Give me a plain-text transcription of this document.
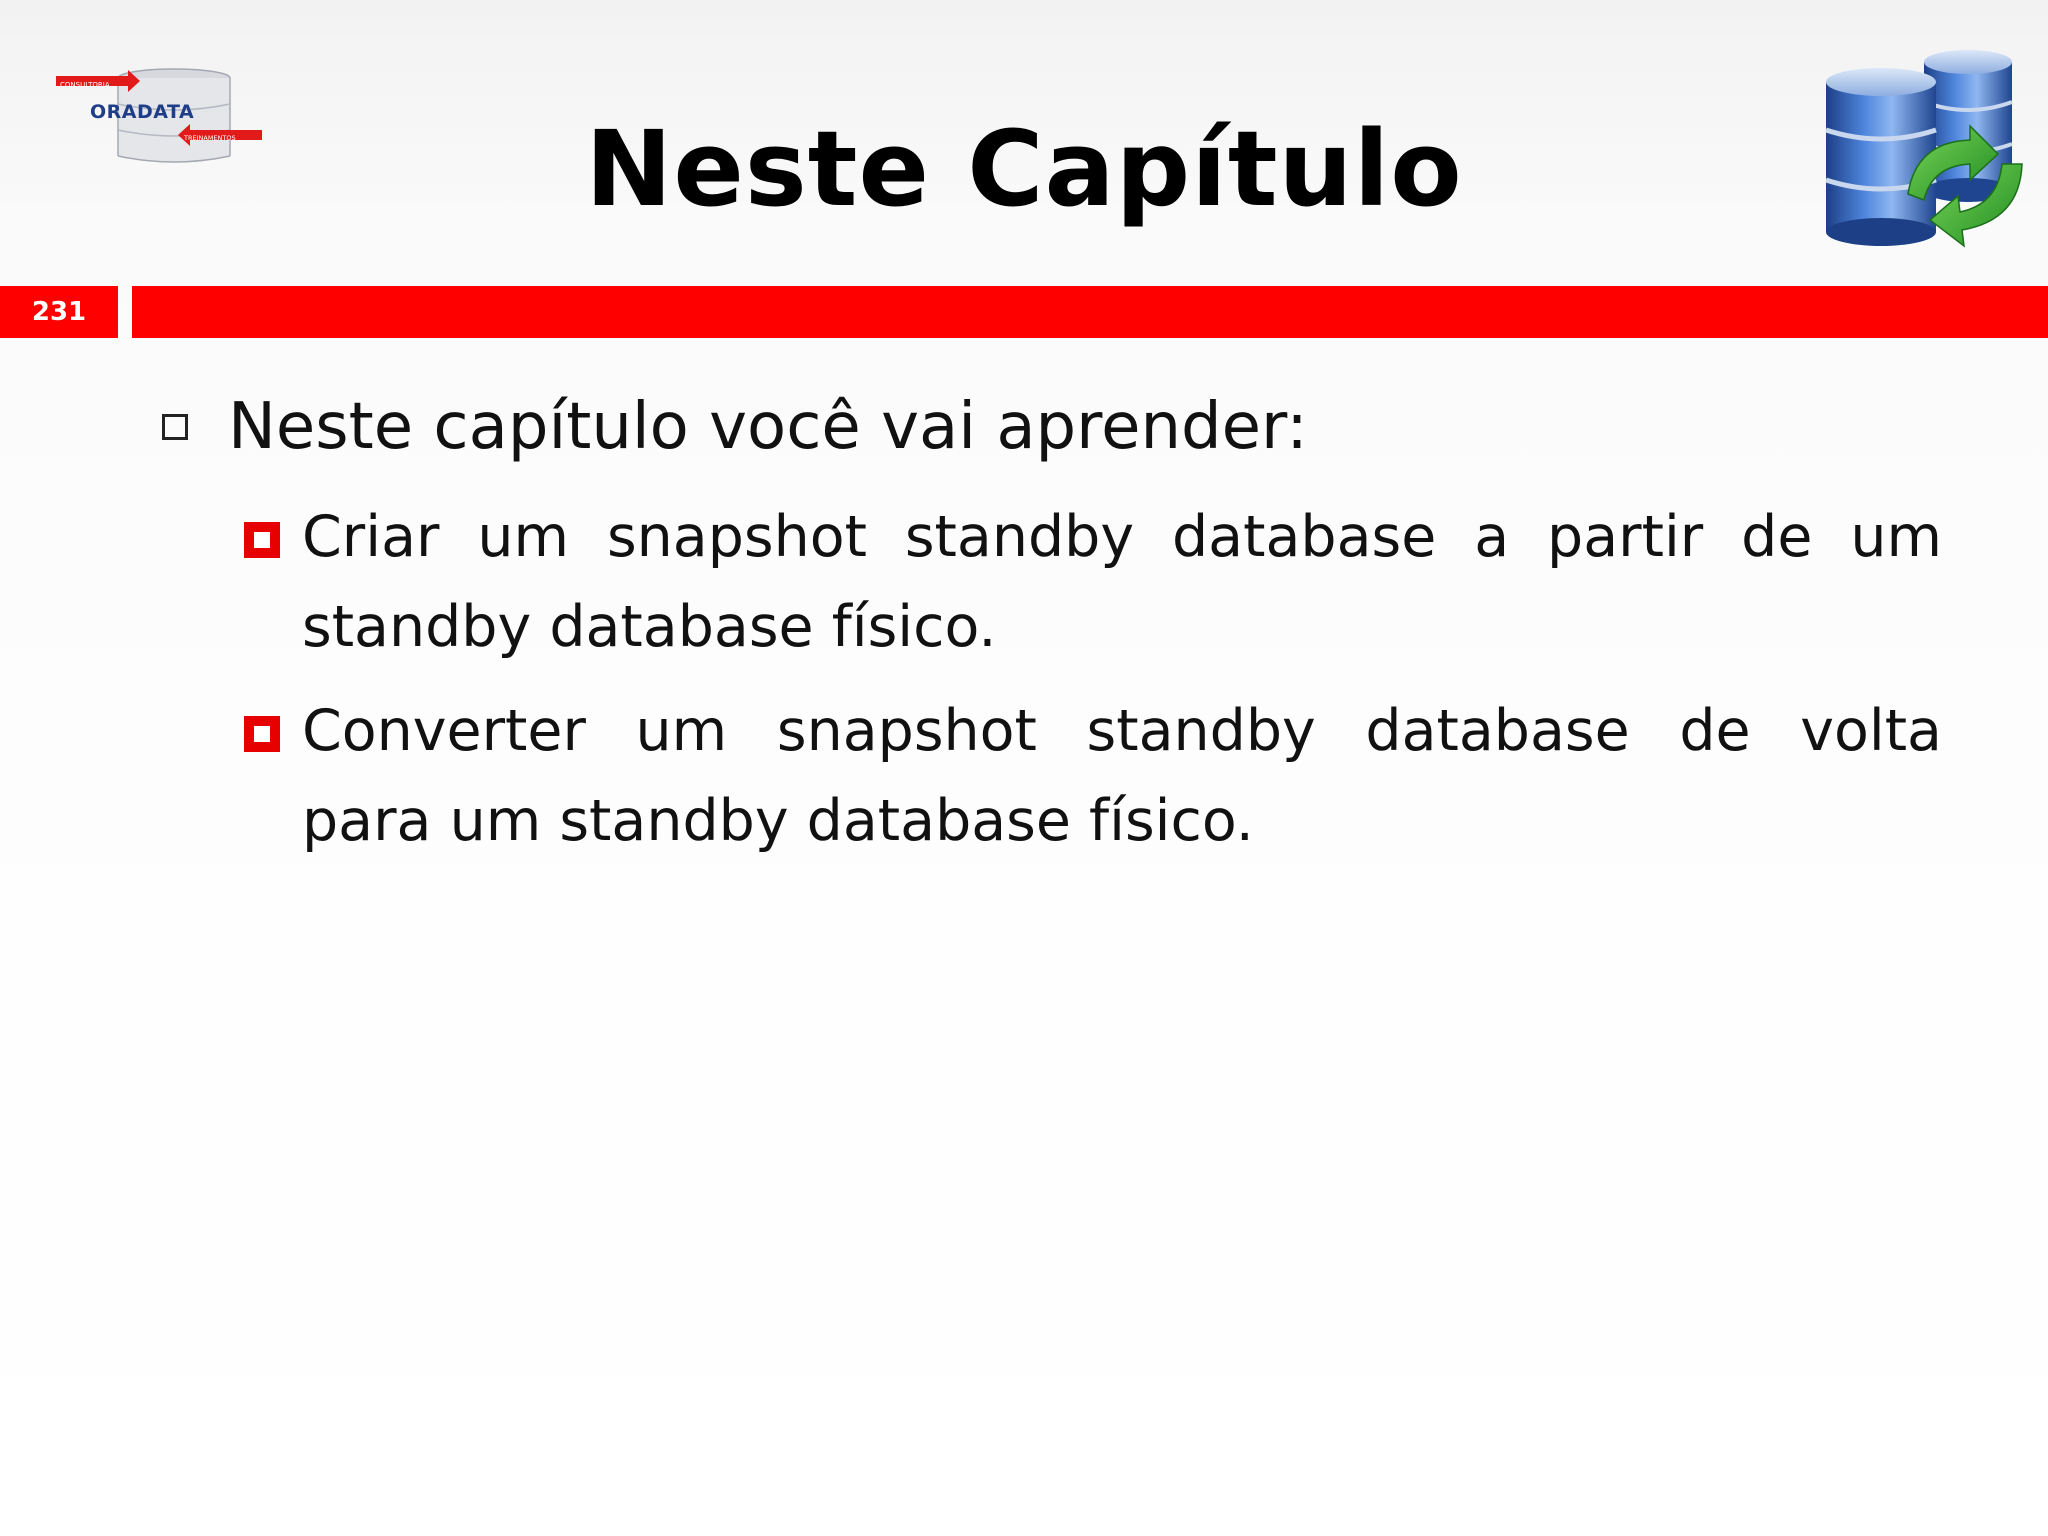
CONSULTORIA
ORADATA
TREINAMENTOS	Neste Capítulo
231
Neste capítulo você vai aprender:
Criar um snapshot standby database a partir de um
standby database físico.
Converter um snapshot standby database de volta
para um standby database físico.
